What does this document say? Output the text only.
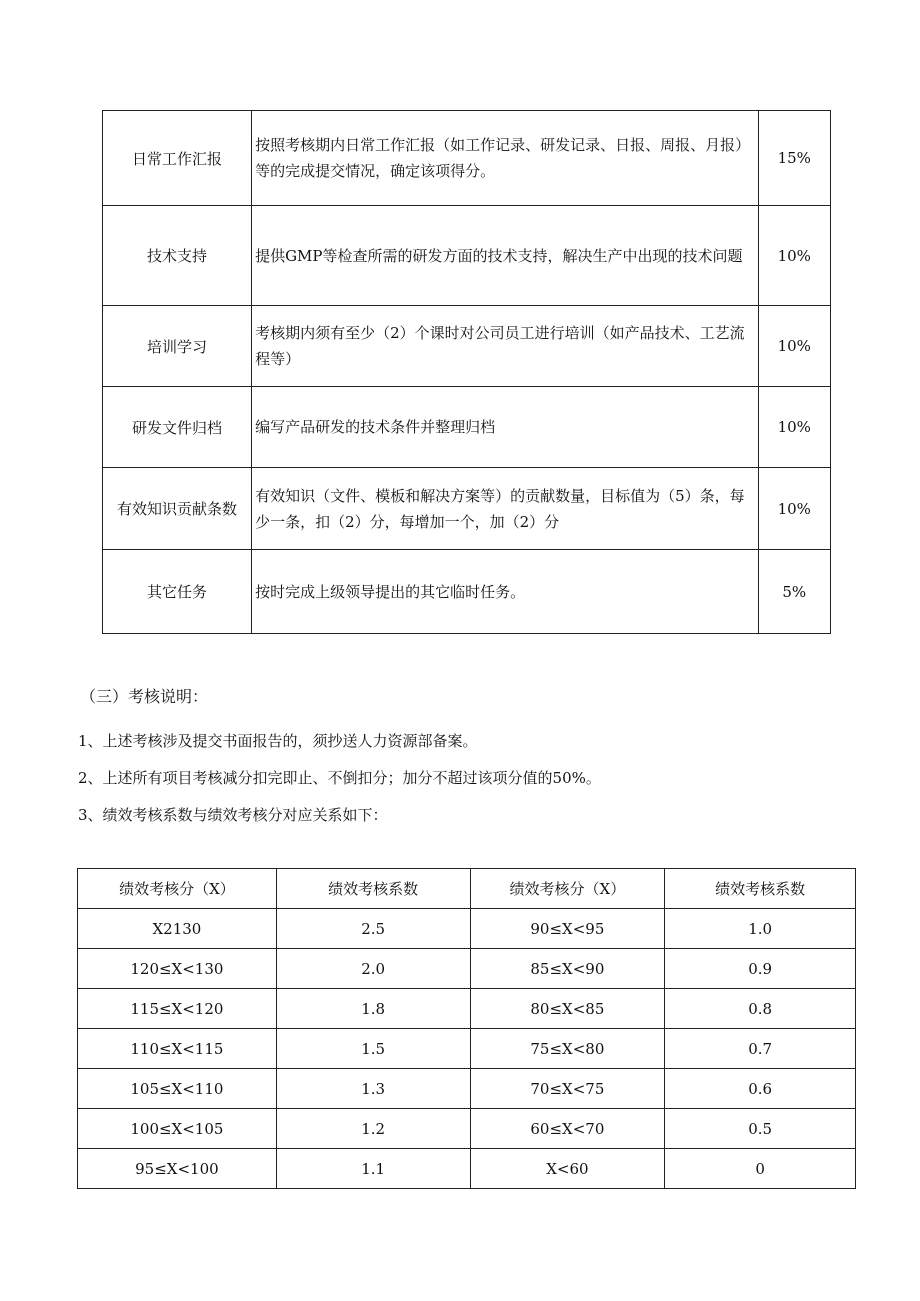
日常工作汇报	按照考核期内日常工作汇报（如工作记录、研发记录、日报、周报、月报）等的完成提交情况，确定该项得分。	15%
技术支持	提供GMP等检查所需的研发方面的技术支持，解决生产中出现的技术问题	10%
培训学习	考核期内须有至少（2）个课时对公司员工进行培训（如产品技术、工艺流程等）	10%
研发文件归档	编写产品研发的技术条件并整理归档	10%
有效知识贡献条数	有效知识（文件、模板和解决方案等）的贡献数量，目标值为（5）条，每少一条，扣（2）分，每增加一个，加（2）分	10%
其它任务	按时完成上级领导提出的其它临时任务。	5%
（三）考核说明：
1、上述考核涉及提交书面报告的，须抄送人力资源部备案。
2、上述所有项目考核减分扣完即止、不倒扣分；加分不超过该项分值的50%。
3、绩效考核系数与绩效考核分对应关系如下：
绩效考核分（X）	绩效考核系数	绩效考核分（X）	绩效考核系数
X2130	2.5	90≤X<95	1.0
120≤X<130	2.0	85≤X<90	0.9
115≤X<120	1.8	80≤X<85	0.8
110≤X<115	1.5	75≤X<80	0.7
105≤X<110	1.3	70≤X<75	0.6
100≤X<105	1.2	60≤X<70	0.5
95≤X<100	1.1	X<60	0
